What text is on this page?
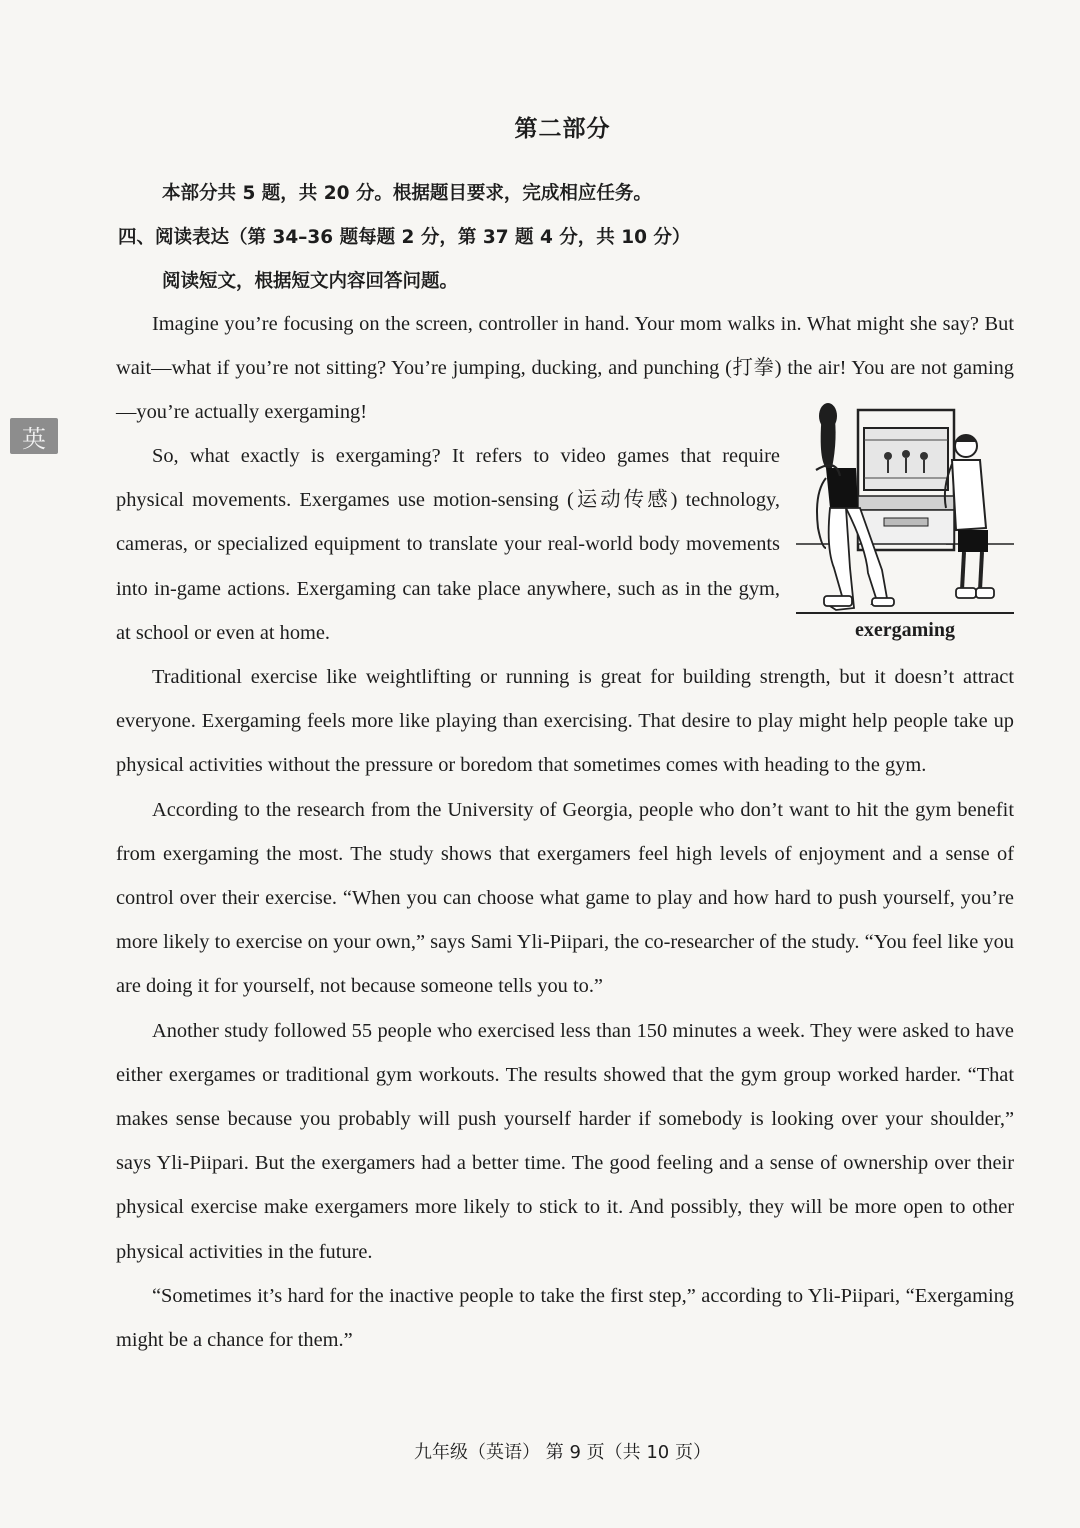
英
第二部分
本部分共 5 题，共 20 分。根据题目要求，完成相应任务。
四、阅读表达（第 34–36 题每题 2 分，第 37 题 4 分，共 10 分）
阅读短文，根据短文内容回答问题。

Imagine you’re focusing on the screen, controller in hand. Your mom walks in. What might she say? But wait—what if you’re not sitting? You’re jumping, ducking, and punching (打拳) the air! You are not gaming—you’re actually exergaming!

So, what exactly is exergaming? It refers to video games that require physical movements. Exergames use motion-sensing (运动传感) technology, cameras, or specialized equipment to translate your real-world body movements into in-game actions. Exergaming can take place anywhere, such as in the gym, at school or even at home.	exergaming

Traditional exercise like weightlifting or running is great for building strength, but it doesn’t attract everyone. Exergaming feels more like playing than exercising. That desire to play might help people take up physical activities without the pressure or boredom that sometimes comes with heading to the gym.

According to the research from the University of Georgia, people who don’t want to hit the gym benefit from exergaming the most. The study shows that exergamers feel high levels of enjoyment and a sense of control over their exercise. “When you can choose what game to play and how hard to push yourself, you’re more likely to exercise on your own,” says Sami Yli-Piipari, the co-researcher of the study. “You feel like you are doing it for yourself, not because someone tells you to.”

Another study followed 55 people who exercised less than 150 minutes a week. They were asked to have either exergames or traditional gym workouts. The results showed that the gym group worked harder. “That makes sense because you probably will push yourself harder if somebody is looking over your shoulder,” says Yli-Piipari. But the exergamers had a better time. The good feeling and a sense of ownership over their physical exercise make exergamers more likely to stick to it. And possibly, they will be more open to other physical activities in the future.

“Sometimes it’s hard for the inactive people to take the first step,” according to Yli-Piipari, “Exergaming might be a chance for them.”

九年级（英语） 第 9 页（共 10 页）
